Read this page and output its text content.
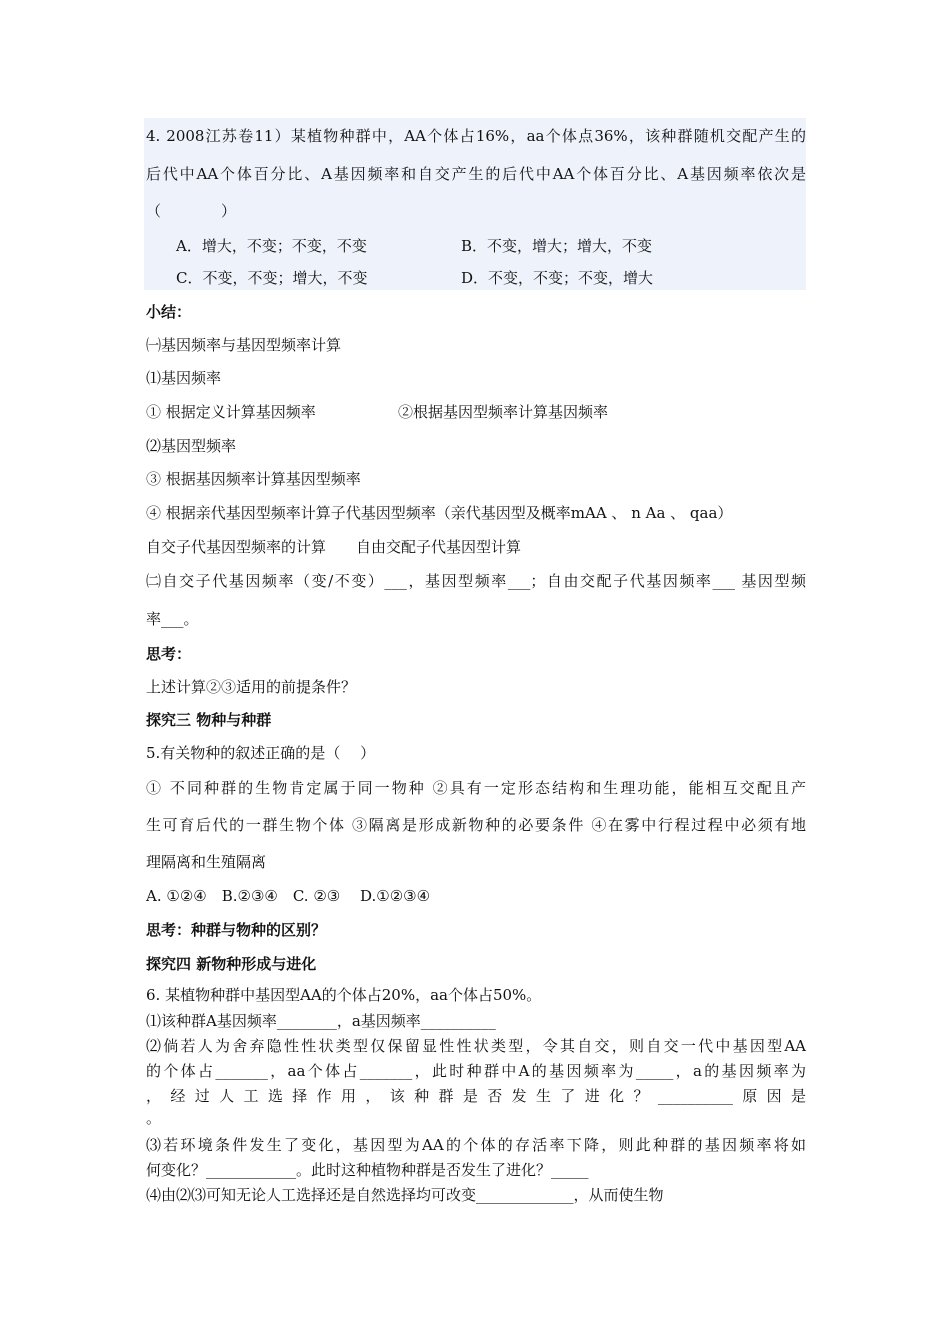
4. 2008江苏卷11）某植物种群中，AA个体占16%，aa个体点36%，该种群随机交配产生的
后代中AA个体百分比、A基因频率和自交产生的后代中AA个体百分比、A基因频率依次是
（　　　　）
A．增大，不变；不变，不变	B．不变，增大；增大，不变
C．不变，不变；增大，不变	D．不变，不变；不变，增大
小结：
㈠基因频率与基因型频率计算
⑴基因频率
① 根据定义计算基因频率	②根据基因型频率计算基因频率
⑵基因型频率
③ 根据基因频率计算基因型频率
④ 根据亲代基因型频率计算子代基因型频率（亲代基因型及概率mAA 、 n Aa 、 qaa）
自交子代基因型频率的计算　　自由交配子代基因型计算
㈡自交子代基因频率（变/不变）___，基因型频率___；自由交配子代基因频率___ 基因型频
率___。
思考：
上述计算②③适用的前提条件？
探究三 物种与种群
5.有关物种的叙述正确的是（　 ）
① 不同种群的生物肯定属于同一物种 ②具有一定形态结构和生理功能，能相互交配且产
生可育后代的一群生物个体 ③隔离是形成新物种的必要条件 ④在雾中行程过程中必须有地
理隔离和生殖隔离
A. ①②④　B.②③④　C. ②③　 D.①②③④
思考：种群与物种的区别？
探究四 新物种形成与进化
6. 某植物种群中基因型AA的个体占20%，aa个体占50%。
⑴该种群A基因频率________，a基因频率__________
⑵倘若人为舍弃隐性性状类型仅保留显性性状类型，令其自交，则自交一代中基因型AA
的个体占_______，aa个体占_______，此时种群中A的基因频率为_____，a的基因频率为
，经过人工选择作用，该种群是否发生了进化？__________原因是
。
⑶若环境条件发生了变化，基因型为AA的个体的存活率下降，则此种群的基因频率将如
何变化？____________。此时这种植物种群是否发生了进化？_____
⑷由⑵⑶可知无论人工选择还是自然选择均可改变_____________，从而使生物
